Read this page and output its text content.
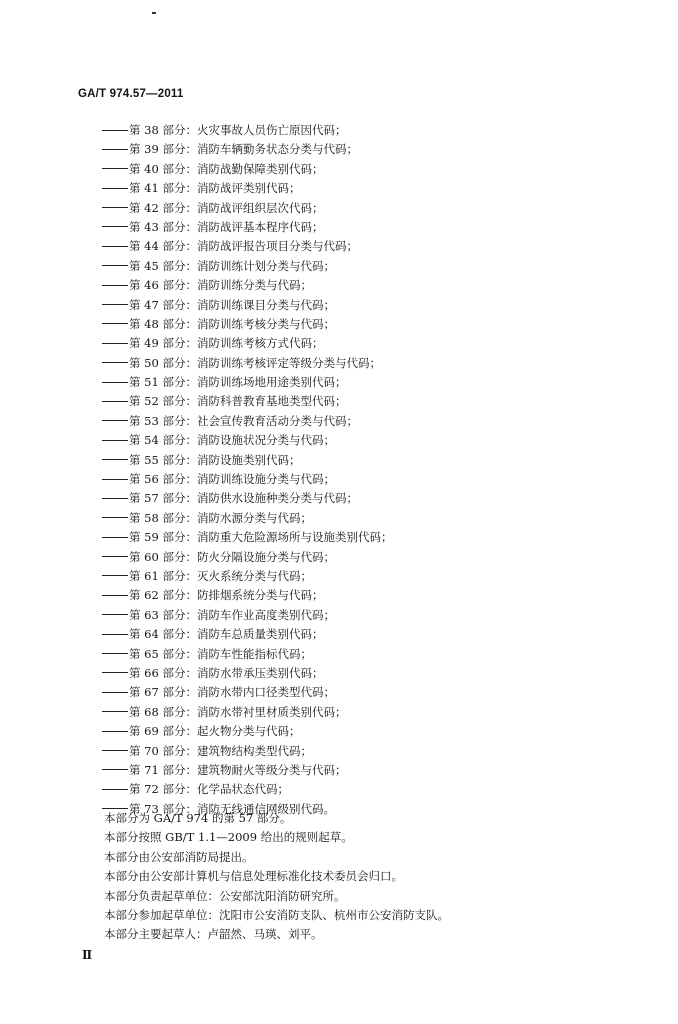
GA/T 974.57—2011
第 38 部分：火灾事故人员伤亡原因代码；
第 39 部分：消防车辆勤务状态分类与代码；
第 40 部分：消防战勤保障类别代码；
第 41 部分：消防战评类别代码；
第 42 部分：消防战评组织层次代码；
第 43 部分：消防战评基本程序代码；
第 44 部分：消防战评报告项目分类与代码；
第 45 部分：消防训练计划分类与代码；
第 46 部分：消防训练分类与代码；
第 47 部分：消防训练课目分类与代码；
第 48 部分：消防训练考核分类与代码；
第 49 部分：消防训练考核方式代码；
第 50 部分：消防训练考核评定等级分类与代码；
第 51 部分：消防训练场地用途类别代码；
第 52 部分：消防科普教育基地类型代码；
第 53 部分：社会宣传教育活动分类与代码；
第 54 部分：消防设施状况分类与代码；
第 55 部分：消防设施类别代码；
第 56 部分：消防训练设施分类与代码；
第 57 部分：消防供水设施种类分类与代码；
第 58 部分：消防水源分类与代码；
第 59 部分：消防重大危险源场所与设施类别代码；
第 60 部分：防火分隔设施分类与代码；
第 61 部分：灭火系统分类与代码；
第 62 部分：防排烟系统分类与代码；
第 63 部分：消防车作业高度类别代码；
第 64 部分：消防车总质量类别代码；
第 65 部分：消防车性能指标代码；
第 66 部分：消防水带承压类别代码；
第 67 部分：消防水带内口径类型代码；
第 68 部分：消防水带衬里材质类别代码；
第 69 部分：起火物分类与代码；
第 70 部分：建筑物结构类型代码；
第 71 部分：建筑物耐火等级分类与代码；
第 72 部分：化学品状态代码；
第 73 部分：消防无线通信网级别代码。

本部分为 GA/T 974 的第 57 部分。

本部分按照 GB/T 1.1—2009 给出的规则起草。

本部分由公安部消防局提出。

本部分由公安部计算机与信息处理标准化技术委员会归口。

本部分负责起草单位：公安部沈阳消防研究所。

本部分参加起草单位：沈阳市公安消防支队、杭州市公安消防支队。

本部分主要起草人：卢韶然、马瑛、刘平。

Ⅱ
